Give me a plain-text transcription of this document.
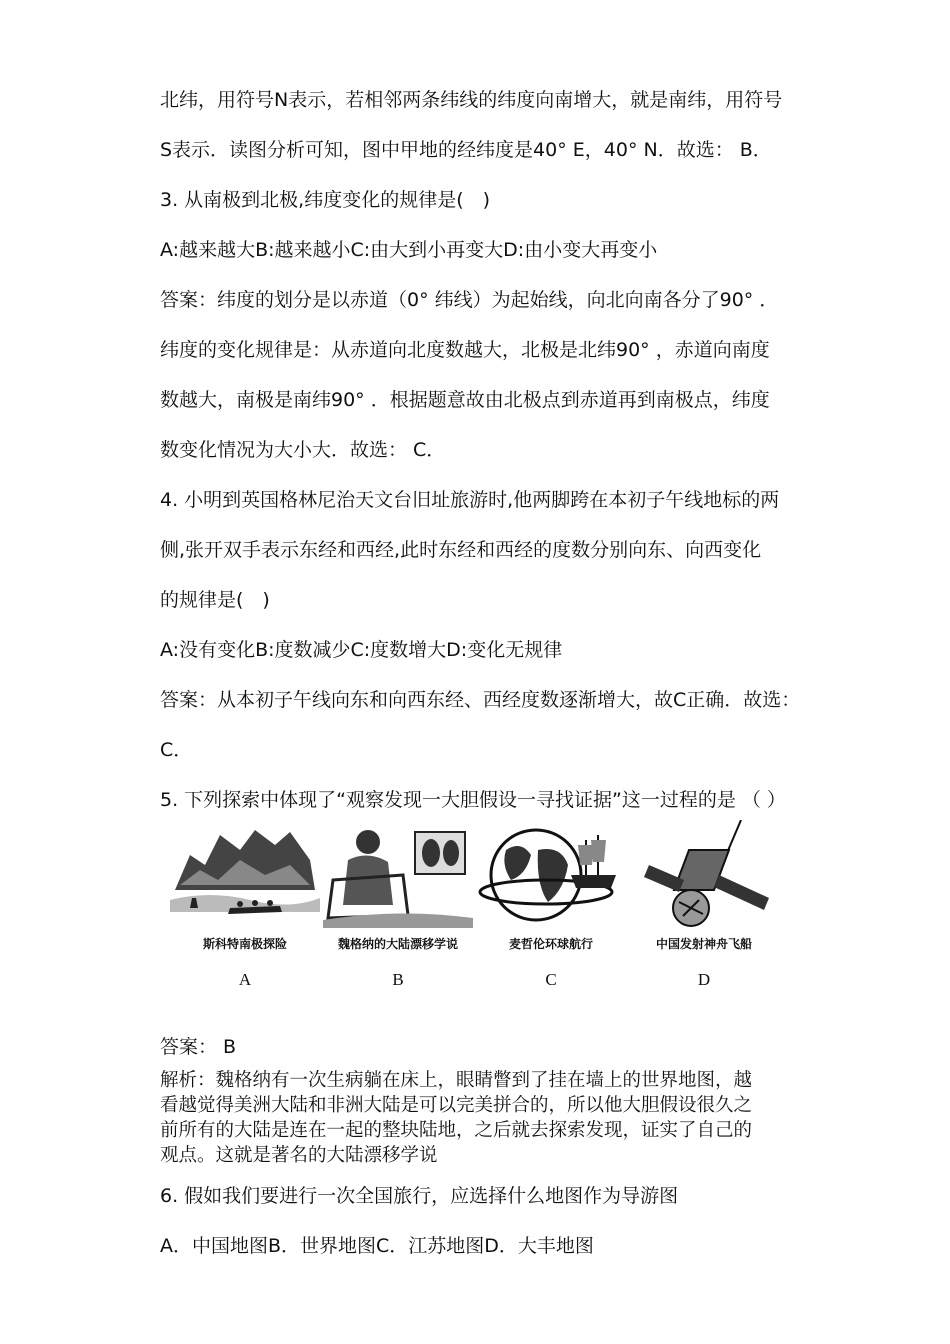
北纬，用符号N表示，若相邻两条纬线的纬度向南增大，就是南纬，用符号
S表示．读图分析可知，图中甲地的经纬度是40° E，40° N．故选： B．
3. 从南极到北极,纬度变化的规律是(　)
A:越来越大B:越来越小C:由大到小再变大D:由小变大再变小
答案：纬度的划分是以赤道（0° 纬线）为起始线，向北向南各分了90° ．
纬度的变化规律是：从赤道向北度数越大，北极是北纬90° ，赤道向南度
数越大，南极是南纬90° ．根据题意故由北极点到赤道再到南极点，纬度
数变化情况为大小大．故选： C．
4. 小明到英国格林尼治天文台旧址旅游时,他两脚跨在本初子午线地标的两
侧,张开双手表示东经和西经,此时东经和西经的度数分别向东、向西变化
的规律是(　)
A:没有变化B:度数减少C:度数增大D:变化无规律
答案：从本初子午线向东和向西东经、西经度数逐渐增大，故C正确．故选：
C．
5. 下列探索中体现了“观察发现一大胆假设一寻找证据”这一过程的是 （ ）
斯科特南极探险
A
魏格纳的大陆漂移学说
B
麦哲伦环球航行
C
中国发射神舟飞船
D
答案： B
解析：魏格纳有一次生病躺在床上，眼睛瞥到了挂在墙上的世界地图，越
看越觉得美洲大陆和非洲大陆是可以完美拼合的，所以他大胆假设很久之
前所有的大陆是连在一起的整块陆地，之后就去探索发现，证实了自己的
观点。这就是著名的大陆漂移学说
6. 假如我们要进行一次全国旅行，应选择什么地图作为导游图
A．中国地图B．世界地图C．江苏地图D．大丰地图
